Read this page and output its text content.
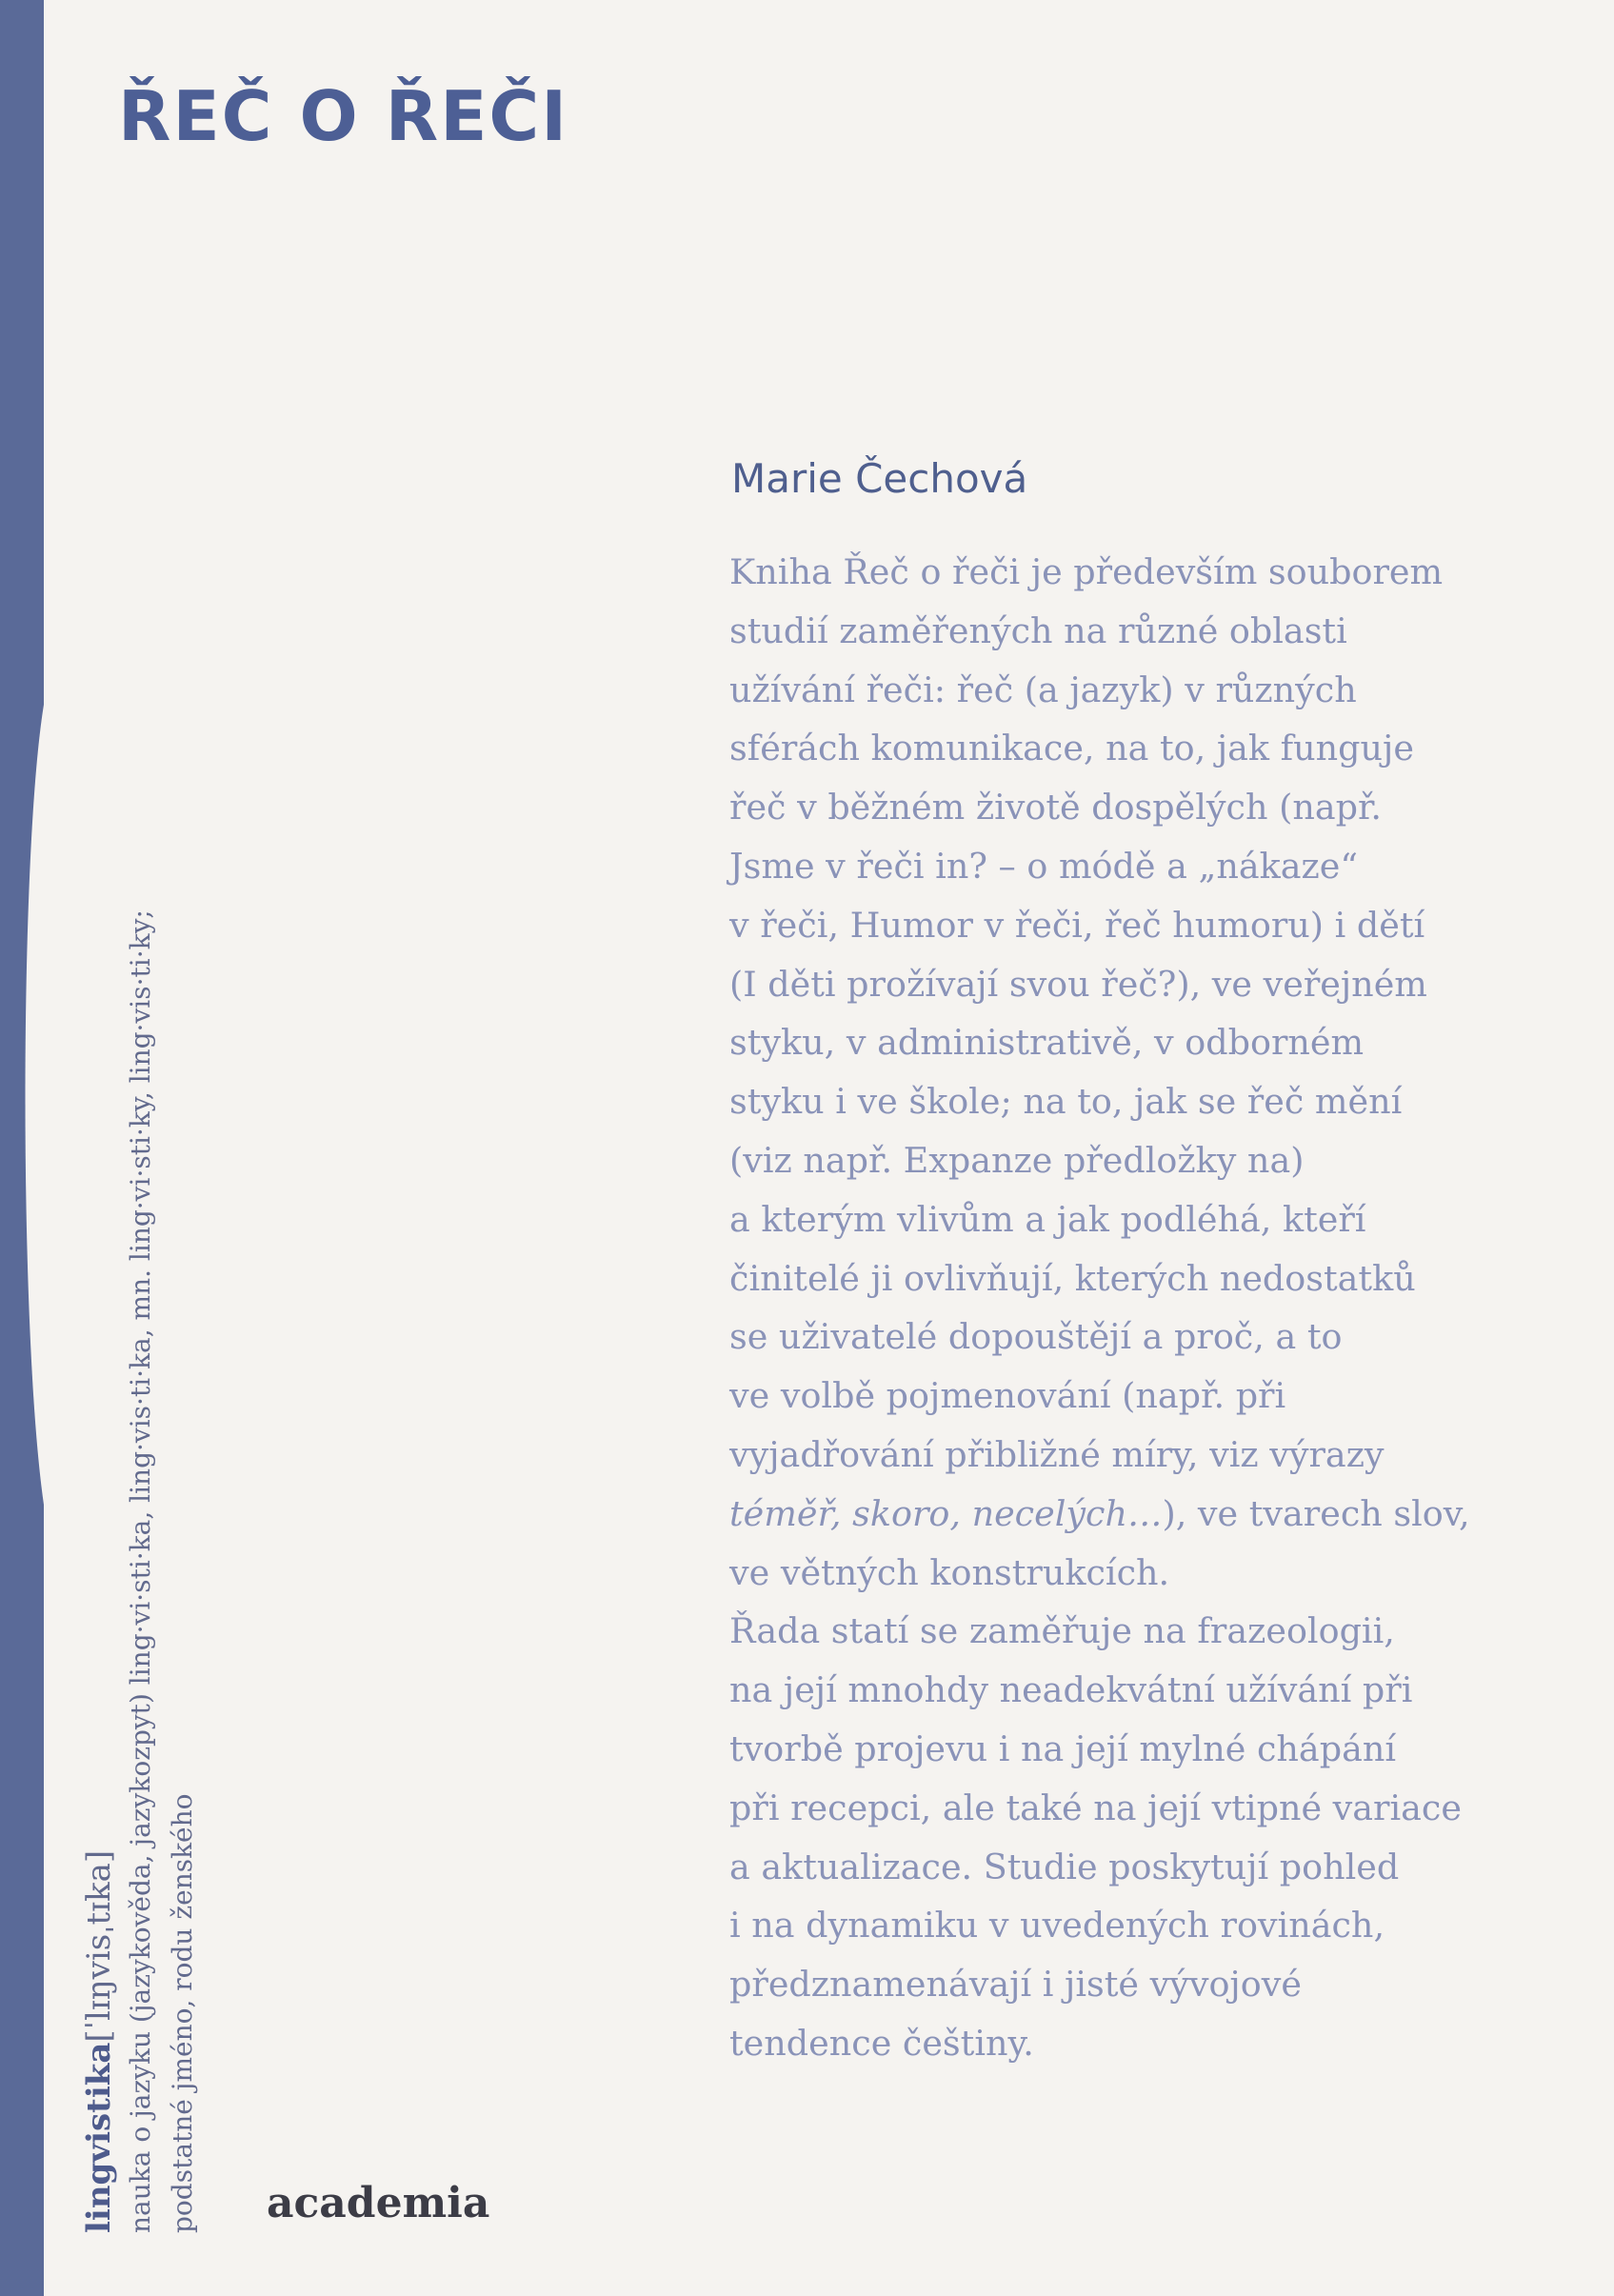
ŘEČ O ŘEČI
Marie Čechová
Kniha Řeč o řeči je především souborem
studií zaměřených na různé oblasti
užívání řeči: řeč (a jazyk) v různých
sférách komunikace, na to, jak funguje
řeč v běžném životě dospělých (např.
Jsme v řeči in? – o módě a „nákaze“
v řeči, Humor v řeči, řeč humoru) i dětí
(I děti prožívají svou řeč?), ve veřejném
styku, v administrativě, v odborném
styku i ve škole; na to, jak se řeč mění
(viz např. Expanze předložky na)
a kterým vlivům a jak podléhá, kteří
činitelé ji ovlivňují, kterých nedostatků
se uživatelé dopouštějí a proč, a to
ve volbě pojmenování (např. při
vyjadřování přibližné míry, viz výrazy
téměř, skoro, necelých…), ve tvarech slov,
ve větných konstrukcích.
Řada statí se zaměřuje na frazeologii,
na její mnohdy neadekvátní užívání při
tvorbě projevu i na její mylné chápání
při recepci, ale také na její vtipné variace
a aktualizace. Studie poskytují pohled
i na dynamiku v uvedených rovinách,
předznamenávají i jisté vývojové
tendence češtiny.
lingvistika[ˈlɪŋvisˌtɪka] nauka o jazyku (jazykověda, jazykozpyt) ling·vi·sti·ka, ling·vis·ti·ka, mn. ling·vi·sti·ky, ling·vis·ti·ky; podstatné jméno, rodu ženského academia
